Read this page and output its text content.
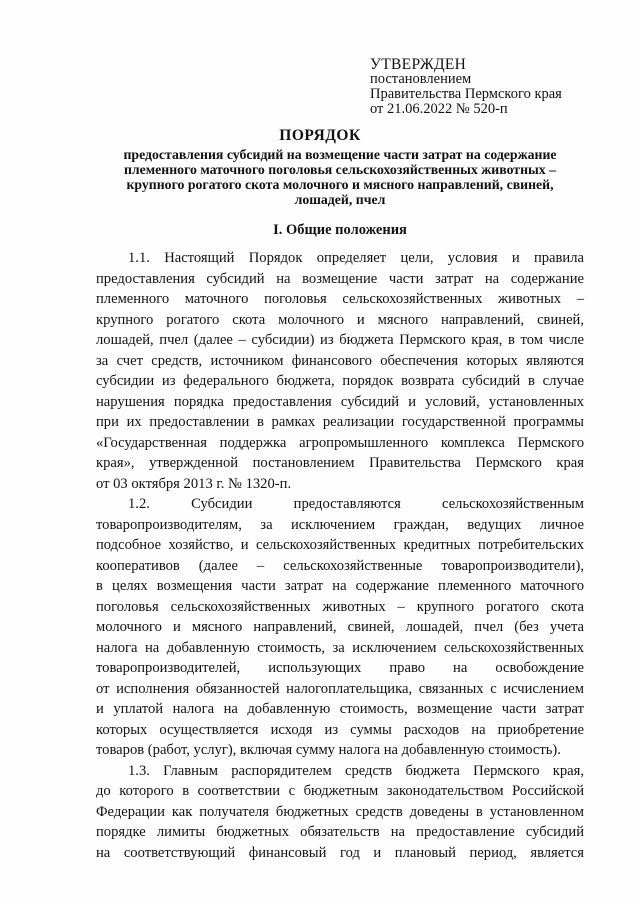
УТВЕРЖДЕН
постановлением
Правительства Пермского края
от 21.06.2022 № 520-п
ПОРЯДОК
предоставления субсидий на возмещение части затрат на содержание
племенного маточного поголовья сельскохозяйственных животных –
крупного рогатого скота молочного и мясного направлений, свиней,
лошадей, пчел
I. Общие положения
1.1. Настоящий Порядок определяет цели, условия и правила
предоставления субсидий на возмещение части затрат на содержание
племенного маточного поголовья сельскохозяйственных животных –
крупного рогатого скота молочного и мясного направлений, свиней,
лошадей, пчел (далее – субсидии) из бюджета Пермского края, в том числе
за счет средств, источником финансового обеспечения которых являются
субсидии из федерального бюджета, порядок возврата субсидий в случае
нарушения порядка предоставления субсидий и условий, установленных
при их предоставлении в рамках реализации государственной программы
«Государственная поддержка агропромышленного комплекса Пермского
края», утвержденной постановлением Правительства Пермского края
от 03 октября 2013 г. № 1320-п.
1.2. Субсидии предоставляются сельскохозяйственным
товаропроизводителям, за исключением граждан, ведущих личное
подсобное хозяйство, и сельскохозяйственных кредитных потребительских
кооперативов (далее – сельскохозяйственные товаропроизводители),
в целях возмещения части затрат на содержание племенного маточного
поголовья сельскохозяйственных животных – крупного рогатого скота
молочного и мясного направлений, свиней, лошадей, пчел (без учета
налога на добавленную стоимость, за исключением сельскохозяйственных
товаропроизводителей, использующих право на освобождение
от исполнения обязанностей налогоплательщика, связанных с исчислением
и уплатой налога на добавленную стоимость, возмещение части затрат
которых осуществляется исходя из суммы расходов на приобретение
товаров (работ, услуг), включая сумму налога на добавленную стоимость).
1.3. Главным распорядителем средств бюджета Пермского края,
до которого в соответствии с бюджетным законодательством Российской
Федерации как получателя бюджетных средств доведены в установленном
порядке лимиты бюджетных обязательств на предоставление субсидий
на соответствующий финансовый год и плановый период, является
